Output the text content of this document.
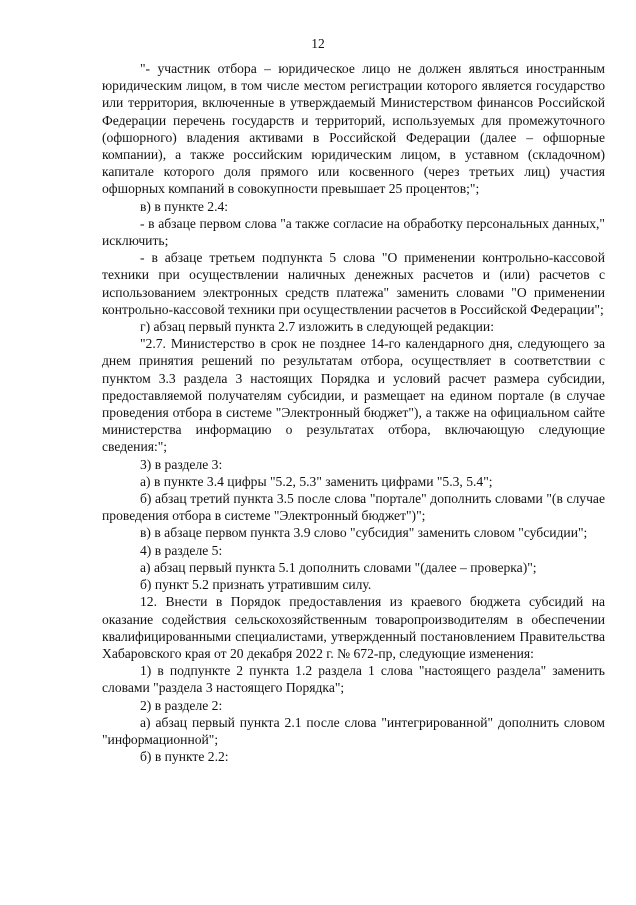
12

"- участник отбора – юридическое лицо не должен являться иностранным юридическим лицом, в том числе местом регистрации которого является государство или территория, включенные в утверждаемый Министерством финансов Российской Федерации перечень государств и территорий, используемых для промежуточного (офшорного) владения активами в Российской Федерации (далее – офшорные компании), а также российским юридическим лицом, в уставном (складочном) капитале которого доля прямого или косвенного (через третьих лиц) участия офшорных компаний в совокупности превышает 25 процентов;";

в) в пункте 2.4:

- в абзаце первом слова "а также согласие на обработку персональных данных," исключить;

- в абзаце третьем подпункта 5 слова "О применении контрольно-кассовой техники при осуществлении наличных денежных расчетов и (или) расчетов с использованием электронных средств платежа" заменить словами "О применении контрольно-кассовой техники при осуществлении расчетов в Российской Федерации";

г) абзац первый пункта 2.7 изложить в следующей редакции:

"2.7. Министерство в срок не позднее 14-го календарного дня, следующего за днем принятия решений по результатам отбора, осуществляет в соответствии с пунктом 3.3 раздела 3 настоящих Порядка и условий расчет размера субсидии, предоставляемой получателям субсидии, и размещает на едином портале (в случае проведения отбора в системе "Электронный бюджет"), а также на официальном сайте министерства информацию о результатах отбора, включающую следующие сведения:";

3) в разделе 3:

а) в пункте 3.4 цифры "5.2, 5.3" заменить цифрами "5.3, 5.4";

б) абзац третий пункта 3.5 после слова "портале" дополнить словами "(в случае проведения отбора в системе "Электронный бюджет")";

в) в абзаце первом пункта 3.9 слово "субсидия" заменить словом "субсидии";

4) в разделе 5:

а) абзац первый пункта 5.1 дополнить словами "(далее – проверка)";

б) пункт 5.2 признать утратившим силу.

12. Внести в Порядок предоставления из краевого бюджета субсидий на оказание содействия сельскохозяйственным товаропроизводителям в обеспечении квалифицированными специалистами, утвержденный постановлением Правительства Хабаровского края от 20 декабря 2022 г. № 672-пр, следующие изменения:

1) в подпункте 2 пункта 1.2 раздела 1 слова "настоящего раздела" заменить словами "раздела 3 настоящего Порядка";

2) в разделе 2:

а) абзац первый пункта 2.1 после слова "интегрированной" дополнить словом "информационной";

б) в пункте 2.2:
